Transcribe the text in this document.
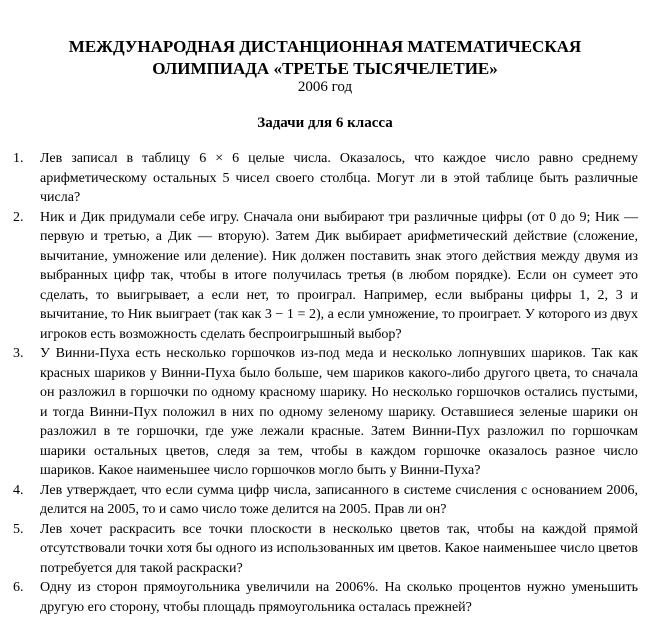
МЕЖДУНАРОДНАЯ ДИСТАНЦИОННАЯ МАТЕМАТИЧЕСКАЯ
ОЛИМПИАДА «ТРЕТЬЕ ТЫСЯЧЕЛЕТИЕ»
2006 год
Задачи для 6 класса
1. Лев записал в таблицу 6 × 6 целые числа. Оказалось, что каждое число равно среднему арифметическому остальных 5 чисел своего столбца. Могут ли в этой таблице быть различные числа?
2. Ник и Дик придумали себе игру. Сначала они выбирают три различные цифры (от 0 до 9; Ник — первую и третью, а Дик — вторую). Затем Дик выбирает арифметический действие (сложение, вычитание, умножение или деление). Ник должен поставить знак этого действия между двумя из выбранных цифр так, чтобы в итоге получилась третья (в любом порядке). Если он сумеет это сделать, то выигрывает, а если нет, то проиграл. Например, если выбраны цифры 1, 2, 3 и вычитание, то Ник выиграет (так как 3 − 1 = 2), а если умножение, то проиграет. У которого из двух игроков есть возможность сделать беспроигрышный выбор?
3. У Винни-Пуха есть несколько горшочков из-под меда и несколько лопнувших шариков. Так как красных шариков у Винни-Пуха было больше, чем шариков какого-либо другого цвета, то сначала он разложил в горшочки по одному красному шарику. Но несколько горшочков остались пустыми, и тогда Винни-Пух положил в них по одному зеленому шарику. Оставшиеся зеленые шарики он разложил в те горшочки, где уже лежали красные. Затем Винни-Пух разложил по горшочкам шарики остальных цветов, следя за тем, чтобы в каждом горшочке оказалось разное число шариков. Какое наименьшее число горшочков могло быть у Винни-Пуха?
4. Лев утверждает, что если сумма цифр числа, записанного в системе счисления с основанием 2006, делится на 2005, то и само число тоже делится на 2005. Прав ли он?
5. Лев хочет раскрасить все точки плоскости в несколько цветов так, чтобы на каждой прямой отсутствовали точки хотя бы одного из использованных им цветов. Какое наименьшее число цветов потребуется для такой раскраски?
6. Одну из сторон прямоугольника увеличили на 2006%. На сколько процентов нужно уменьшить другую его сторону, чтобы площадь прямоугольника осталась прежней?
